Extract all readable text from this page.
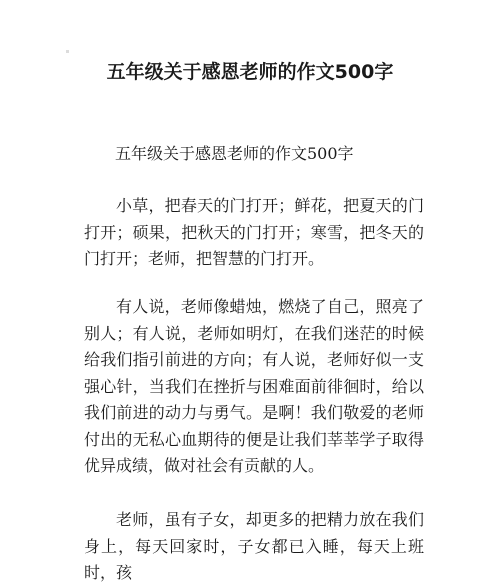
五年级关于感恩老师的作文500字

五年级关于感恩老师的作文500字

小草，把春天的门打开；鲜花，把夏天的门打开；硕果，把秋天的门打开；寒雪，把冬天的门打开；老师，把智慧的门打开。

有人说，老师像蜡烛，燃烧了自己，照亮了别人；有人说，老师如明灯，在我们迷茫的时候给我们指引前进的方向；有人说，老师好似一支强心针，当我们在挫折与困难面前徘徊时，给以我们前进的动力与勇气。是啊！我们敬爱的老师付出的无私心血期待的便是让我们莘莘学子取得优异成绩，做对社会有贡献的人。

老师，虽有子女，却更多的把精力放在我们身上，每天回家时，子女都已入睡，每天上班时，孩
